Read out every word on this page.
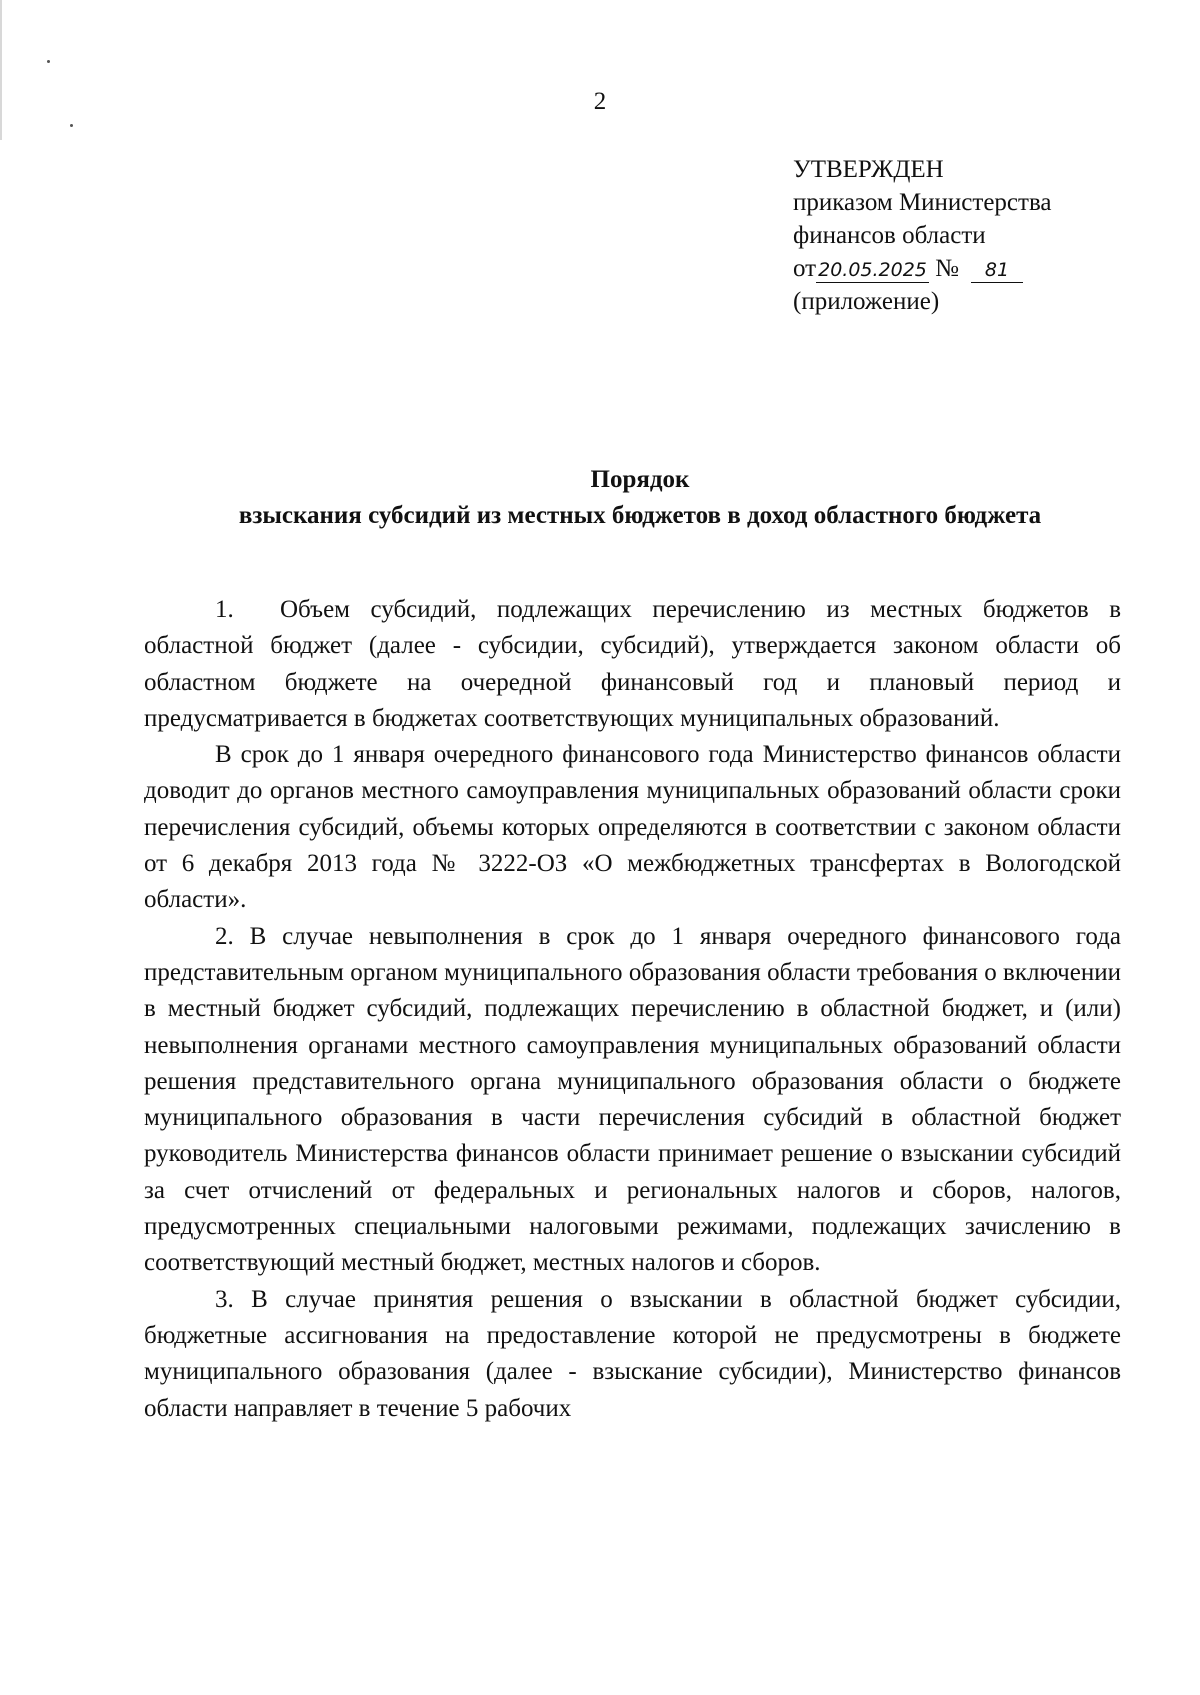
2
УТВЕРЖДЕН
приказом Министерства
финансов области
от 20.05.2025 № 81
(приложение)
Порядок
взыскания субсидий из местных бюджетов в доход областного бюджета

1. Объем субсидий, подлежащих перечислению из местных бюджетов в областной бюджет (далее - субсидии, субсидий), утверждается законом области об областном бюджете на очередной финансовый год и плановый период и предусматривается в бюджетах соответствующих муниципальных образований.

В срок до 1 января очередного финансового года Министерство финансов области доводит до органов местного самоуправления муниципальных образований области сроки перечисления субсидий, объемы которых определяются в соответствии с законом области от 6 декабря 2013 года № 3222-ОЗ «О межбюджетных трансфертах в Вологодской области».

2. В случае невыполнения в срок до 1 января очередного финансового года представительным органом муниципального образования области требования о включении в местный бюджет субсидий, подлежащих перечислению в областной бюджет, и (или) невыполнения органами местного самоуправления муниципальных образований области решения представительного органа муниципального образования области о бюджете муниципального образования в части перечисления субсидий в областной бюджет руководитель Министерства финансов области принимает решение о взыскании субсидий за счет отчислений от федеральных и региональных налогов и сборов, налогов, предусмотренных специальными налоговыми режимами, подлежащих зачислению в соответствующий местный бюджет, местных налогов и сборов.

3. В случае принятия решения о взыскании в областной бюджет субсидии, бюджетные ассигнования на предоставление которой не предусмотрены в бюджете муниципального образования (далее - взыскание субсидии), Министерство финансов области направляет в течение 5 рабочих
